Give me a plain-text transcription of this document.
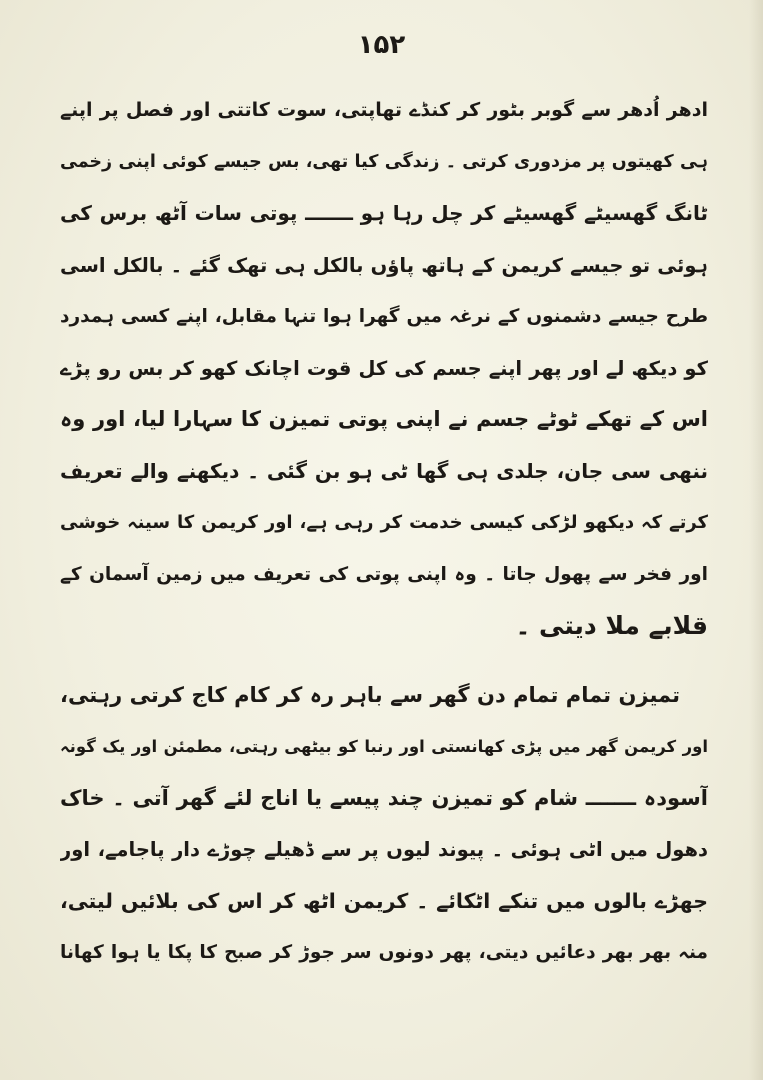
۱۵۲
ادھر اُدھر سے گوبر بٹور کر کنڈے تھاپتی، سوت کاتتی اور فصل پر اپنے
ہی کھیتوں پر مزدوری کرتی ۔ زندگی کیا تھی، بس جیسے کوئی اپنی زخمی
ٹانگ گھسیٹے گھسیٹے کر چل رہا ہو ـــــــ پوتی سات آٹھ برس کی
ہوئی تو جیسے کریمن کے ہاتھ پاؤں بالکل ہی تھک گئے ۔ بالکل اسی
طرح جیسے دشمنوں کے نرغہ میں گھرا ہوا تنہا مقابل، اپنے کسی ہمدرد
کو دیکھ لے اور پھر اپنے جسم کی کل قوت اچانک کھو کر بس رو پڑے
اس کے تھکے ٹوٹے جسم نے اپنی پوتی تمیزن کا سہارا لیا، اور وہ
ننھی سی جان، جلدی ہی گھا ٹی ہو بن گئی ۔ دیکھنے والے تعریف
کرتے کہ دیکھو لڑکی کیسی خدمت کر رہی ہے، اور کریمن کا سینہ خوشی
اور فخر سے پھول جاتا ۔ وہ اپنی پوتی کی تعریف میں زمین آسمان کے
قلابے ملا دیتی ۔
تمیزن تمام تمام دن گھر سے باہر رہ کر کام کاج کرتی رہتی،
اور کریمن گھر میں پڑی کھانستی اور رنبا کو بیٹھی رہتی، مطمئن اور یک گونہ
آسودہ ـــــــ شام کو تمیزن چند پیسے یا اناج لئے گھر آتی ۔ خاک
دھول میں اٹی ہوئی ۔ پیوند لیوں پر سے ڈھیلے چوڑے دار پاجامے، اور
جھڑے بالوں میں تنکے اٹکائے ۔ کریمن اٹھ کر اس کی بلائیں لیتی،
منہ بھر بھر دعائیں دیتی، پھر دونوں سر جوڑ کر صبح کا پکا یا ہوا کھانا
